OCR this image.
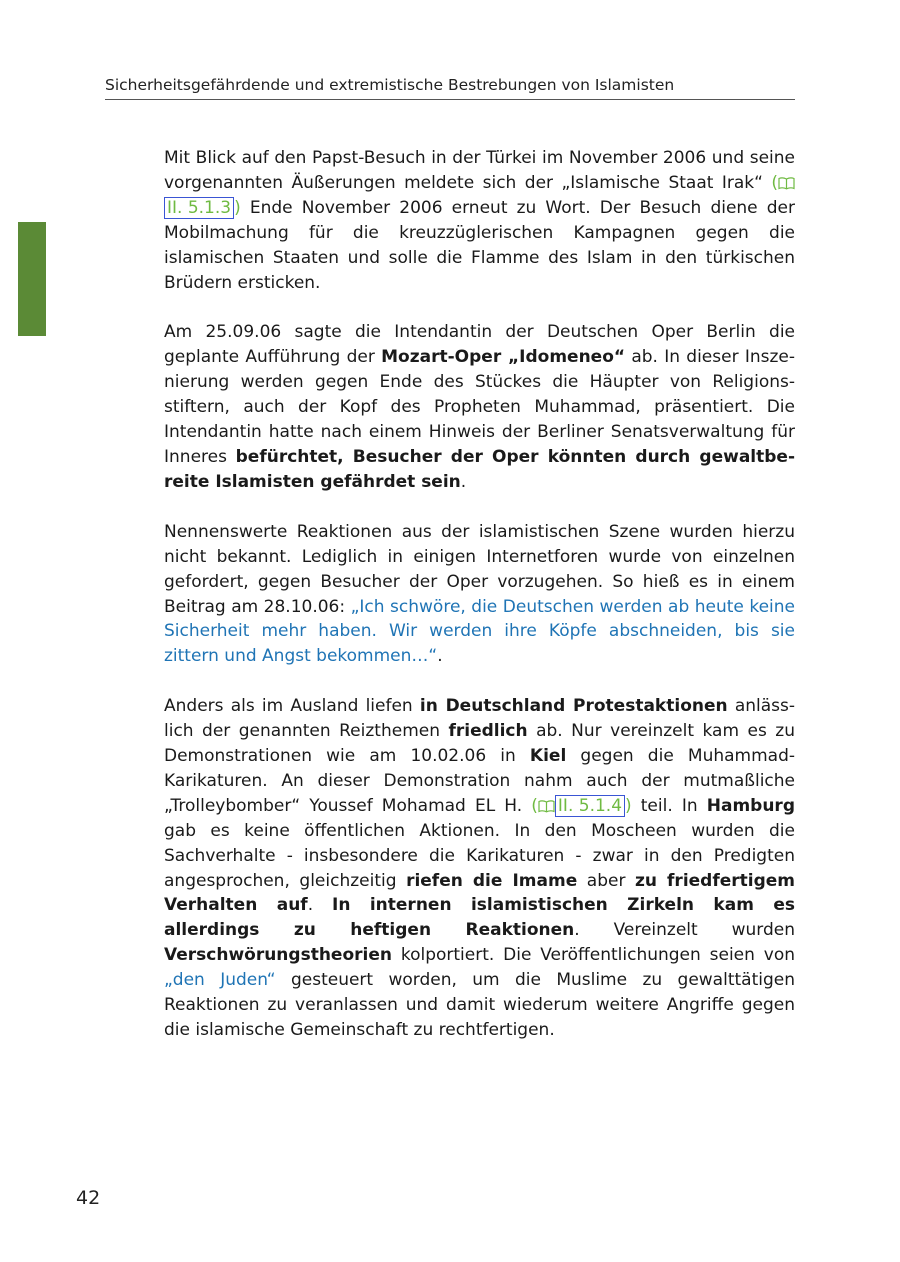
Sicherheitsgefährdende und extremistische Bestrebungen von Islamisten

Mit Blick auf den Papst-Besuch in der Türkei im November 2006 und seine vorgenannten Äußerungen meldete sich der „Islamische Staat Irak“ (II. 5.1.3 ) Ende November 2006 erneut zu Wort. Der Besuch diene der Mobilmachung für die kreuzzüglerischen Kampagnen gegen die islamischen Staaten und solle die Flamme des Islam in den türkischen Brüdern ersticken.

Am 25.09.06 sagte die Intendantin der Deutschen Oper Berlin die geplante Aufführung der Mozart-Oper „Idomeneo“ ab. In dieser Inszenierung werden gegen Ende des Stückes die Häupter von Religionsstiftern, auch der Kopf des Propheten Muhammad, präsentiert. Die Intendantin hatte nach einem Hinweis der Berliner Senatsverwaltung für Inneres befürchtet, Besucher der Oper könnten durch gewaltbereite Islamisten gefährdet sein.

Nennenswerte Reaktionen aus der islamistischen Szene wurden hierzu nicht bekannt. Lediglich in einigen Internetforen wurde von einzelnen gefordert, gegen Besucher der Oper vorzugehen. So hieß es in einem Beitrag am 28.10.06: „Ich schwöre, die Deutschen werden ab heute keine Sicherheit mehr haben. Wir werden ihre Köpfe abschneiden, bis sie zittern und Angst bekommen…“.

Anders als im Ausland liefen in Deutschland Protestaktionen anlässlich der genannten Reizthemen friedlich ab. Nur vereinzelt kam es zu Demonstrationen wie am 10.02.06 in Kiel gegen die Muhammad-Karikaturen. An dieser Demonstration nahm auch der mutmaßliche „Trolleybomber“ Youssef Mohamad EL H. ( II. 5.1.4 ) teil. In Hamburg gab es keine öffentlichen Aktionen. In den Moscheen wurden die Sachverhalte - insbesondere die Karikaturen - zwar in den Predigten angesprochen, gleichzeitig riefen die Imame aber zu friedfertigem Verhalten auf. In internen islamistischen Zirkeln kam es allerdings zu heftigen Reaktionen. Vereinzelt wurden Verschwörungstheorien kolportiert. Die Veröffentlichungen seien von „den Juden“ gesteuert worden, um die Muslime zu gewalttätigen Reaktionen zu veranlassen und damit wiederum weitere Angriffe gegen die islamische Gemeinschaft zu rechtfertigen.

42
